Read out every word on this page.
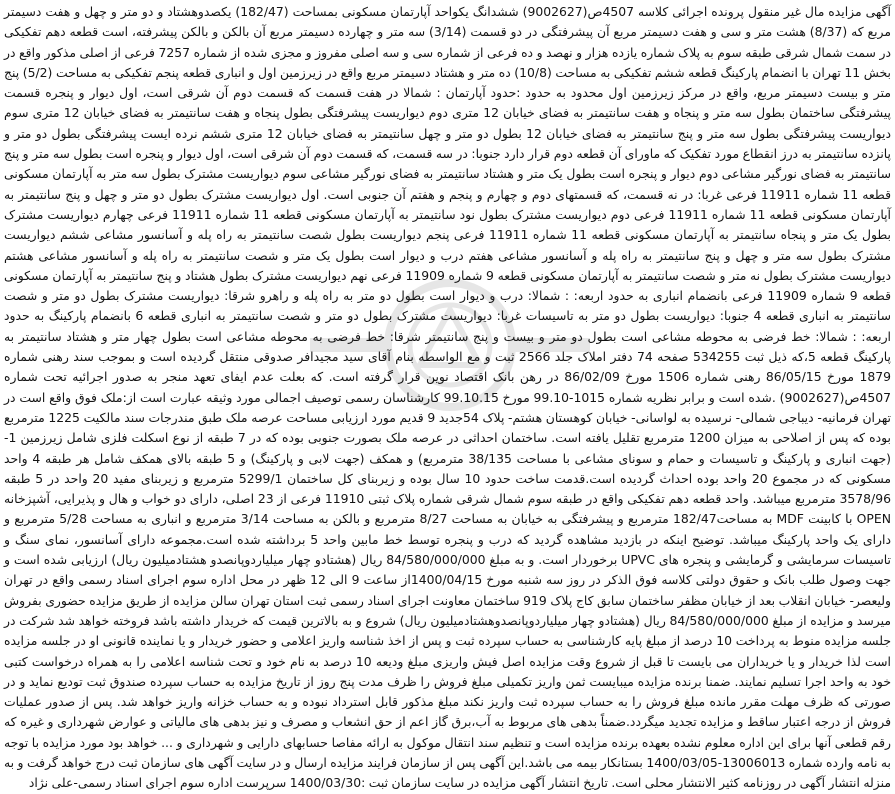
آگهی مزایده مال غیر منقول پرونده اجرائی کلاسه 4507ص(9002627) ششدانگ یکواحد آپارتمان مسکونی بمساحت (182/47) یکصدوهشتاد و دو متر و چهل و هفت دسیمتر مربع که (8/37) هشت متر و سی و هفت دسیمتر مربع آن پیشرفتگی در دو قسمت (3/14) سه متر و چهارده دسیمتر مربع آن بالکن و بالکن پیشرفته، است قطعه دهم تفکیکی در سمت شمال شرقی طبقه سوم به پلاک شماره یازده هزار و نهصد و ده فرعی از شماره سی و سه اصلی مفروز و مجزی شده از شماره 7257 فرعی از اصلی مذکور واقع در بخش 11 تهران با انضمام پارکینگ قطعه ششم تفکیکی به مساحت (10/8) ده متر و هشتاد دسیمتر مربع واقع در زیرزمین اول و انباری قطعه پنجم تفکیکی به مساحت (5/2) پنج متر و بیست دسیمتر مربع، واقع در مرکز زیرزمین اول محدود به حدود :حدود آپارتمان : شمالا در هفت قسمت که قسمت دوم آن شرقی است، اول دیوار و پنجره قسمت پیشرفتگی ساختمان بطول سه متر و پنجاه و هفت سانتیمتر به فضای خیابان 12 متری دوم دیواریست پیشرفتگی بطول پنجاه و هفت سانتیمتر به فضای خیابان 12 متری سوم دیواریست پیشرفتگی بطول سه متر و پنج سانتیمتر به فضای خیابان 12 بطول دو متر و چهل سانتیمتر به فضای خیابان 12 متری ششم نرده ایست پیشرفتگی بطول دو متر و پانزده سانتیمتر به درز انقطاع مورد تفکیک که ماورای آن قطعه دوم قرار دارد جنوبا: در سه قسمت، که قسمت دوم آن شرقی است، اول دیوار و پنجره است بطول سه متر و پنج سانتیمتر به فضای نورگیر مشاعی دوم دیوار و پنجره است بطول یک متر و هشتاد سانتیمتر به فضای نورگیر مشاعی سوم دیواریست مشترک بطول سه متر به آپارتمان مسکونی قطعه 11 شماره 11911 فرعی غربا: در نه قسمت، که قسمتهای دوم و چهارم و پنجم و هفتم آن جنوبی است. اول دیواریست مشترک بطول دو متر و چهل و پنج سانتیمتر به آپارتمان مسکونی قطعه 11 شماره 11911 فرعی دوم دیواریست مشترک بطول نود سانتیمتر به آپارتمان مسکونی قطعه 11 شماره 11911 فرعی چهارم دیواریست مشترک بطول یک متر و پنجاه سانتیمتر به آپارتمان مسکونی قطعه 11 شماره 11911 فرعی پنجم دیواریست بطول شصت سانتیمتر به راه پله و آسانسور مشاعی ششم دیواریست مشترک بطول سه متر و چهل و پنج سانتیمتر به راه پله و آسانسور مشاعی هفتم درب و دیوار است بطول یک متر و شصت سانتیمتر به راه پله و آسانسور مشاعی هشتم دیواریست مشترک بطول نه متر و شصت سانتیمتر به آپارتمان مسکونی قطعه 9 شماره 11909 فرعی نهم دیواریست مشترک بطول هشتاد و پنج سانتیمتر به آپارتمان مسکونی قطعه 9 شماره 11909 فرعی بانضمام انباری به حدود اربعه: : شمالا: درب و دیوار است بطول دو متر به راه پله و راهرو شرقا: دیواریست مشترک بطول دو متر و شصت سانتیمتر به انباری قطعه 4 جنوبا: دیواریست بطول دو متر به تاسیسات غربا: دیواریست مشترک بطول دو متر و شصت سانتیمتر به انباری قطعه 6 بانضمام پارکینگ به حدود اربعه: : شمالا: خط فرضی به محوطه مشاعی است بطول دو متر و بیست و پنج سانتیمتر شرقا: خط فرضی به محوطه مشاعی است بطول چهار متر و هشتاد سانتیمتر به پارکینگ قطعه 5،که ذیل ثبت 534255 صفحه 74 دفتر املاک جلد 2566 ثبت و مع الواسطه بنام آقای سید مجیدافر صدوقی منتقل گردیده است و بموجب سند رهنی شماره 1879 مورخ 86/05/15 رهنی شماره 1506 مورخ 86/02/09 در رهن بانک اقتصاد نوین قرار گرفته است. که بعلت عدم ایفای تعهد منجر به صدور اجرائیه تحت شماره 4507ص(9002627) .شده است و برابر نظریه شماره 1015-99.10 مورخ 99.10.15 کارشناسان رسمی توصیف اجمالی مورد وثیقه عبارت است از:ملک فوق واقع است در تهران فرمانیه- دیباجی شمالی- نرسیده به لواسانی- خیابان کوهستان هشتم- پلاک 54جدید 9 قدیم مورد ارزیابی مساحت عرصه ملک طبق مندرجات سند مالکیت 1225 مترمربع بوده که پس از اصلاحی به میزان 1200 مترمربع تقلیل یافته است. ساختمان احداثی در عرصه ملک بصورت جنوبی بوده که در 7 طبقه از نوع اسکلت فلزی شامل زیرزمین 1- (جهت انباری و پارکینگ و تاسیسات و حمام و سونای مشاعی با مساحت 38/135 مترمربع) و همکف (جهت لابی و پارکینگ) و 5 طبقه بالای همکف شامل هر طبقه 4 واحد مسکونی که در مجموع 20 واحد بوده احداث گردیده است.قدمت ساخت حدود 10 سال بوده و زیربنای کل ساختمان 5299/1 مترمربع و زیربنای مفید 20 واحد در 5 طبقه 3578/96 مترمربع میباشد. واحد قطعه دهم تفکیکی واقع در طبقه سوم شمال شرقی شماره پلاک ثبتی 11910 فرعی از 23 اصلی، دارای دو خواب و هال و پذیرایی، آشپزخانه OPEN با کابینت MDF به مساحت182/47 مترمربع و پیشرفتگی به خیابان به مساحت 8/27 مترمربع و بالکن به مساحت 3/14 مترمربع و انباری به مساحت 5/28 مترمربع و دارای یک واحد پارکینگ میباشد. توضیح اینکه در بازدید مشاهده گردید که درب و پنجره توسط خط مابین واحد 5 برداشته شده است.مجموعه دارای آسانسور، نمای سنگ و تاسیسات سرمایشی و گرمایشی و پنجره های UPVC برخوردار است. و به مبلغ 84/580/000/000 ریال (هشتادو چهار میلیاردوپانصدو هشتادمیلیون ریال) ارزیابی شده است و جهت وصول طلب بانک و حقوق دولتی کلاسه فوق الذکر در روز سه شنبه مورخ 1400/04/15از ساعت 9 الی 12 ظهر در محل اداره سوم اجرای اسناد رسمی واقع در تهران ولیعصر- خیابان انقلاب بعد از خیابان مظفر ساختمان سابق کاج پلاک 919 ساختمان معاونت اجرای اسناد رسمی ثبت استان تهران سالن مزایده از طریق مزایده حضوری بفروش میرسد و مزایده از مبلغ 84/580/000/000 ریال (هشتادو چهار میلیاردوپانصدوهشتادمیلیون ریال) شروع و به بالاترین قیمت که خریدار داشته باشد فروخته خواهد شد شرکت در جلسه مزایده منوط به پرداخت 10 درصد از مبلغ پایه کارشناسی به حساب سپرده ثبت و پس از اخذ شناسه واریز اعلامی و حضور خریدار و یا نماینده قانونی او در جلسه مزایده است لذا خریدار و یا خریداران می بایست تا قبل از شروع وقت مزایده اصل فیش واریزی مبلغ ودیعه 10 درصد به نام خود و تحت شناسه اعلامی را به همراه درخواست کتبی خود به واحد اجرا تسلیم نمایند. ضمنا برنده مزایده میبایست ثمن واریز تکمیلی مبلغ فروش را ظرف مدت پنج روز از تاریخ مزایده به حساب سپرده صندوق ثبت تودیع نماید و در صورتی که ظرف مهلت مقرر مانده مبلغ فروش را به حساب سپرده ثبت واریز نکند مبلغ مذکور قابل استرداد نبوده و به حساب خزانه واریز خواهد شد. پس از صدور عملیات فروش از درجه اعتبار ساقط و مزایده تجدید میگردد.ضمناً بدهی های مربوط به آب،برق گاز اعم از حق انشعاب و مصرف و نیز بدهی های مالیاتی و عوارض شهرداری و غیره که رقم قطعی آنها برای این اداره معلوم نشده بعهده برنده مزایده است و تنظیم سند انتقال موکول به ارائه مفاصا حسابهای دارایی و شهرداری و ... خواهد بود مورد مزایده با توجه به نامه وارده شماره 13006013-1400/03/05 بستانکار بیمه می باشد.این آگهی پس از سازمان فرایند مزایده ارسال و در سایت آگهی های سازمان ثبت درج خواهد گرفت و به منزله انتشار آگهی در روزنامه کثیر الانتشار محلی است. تاریخ انتشار آگهی مزایده در سایت سازمان ثبت :1400/03/30 سرپرست اداره سوم اجرای اسناد رسمی-علی نژاد
